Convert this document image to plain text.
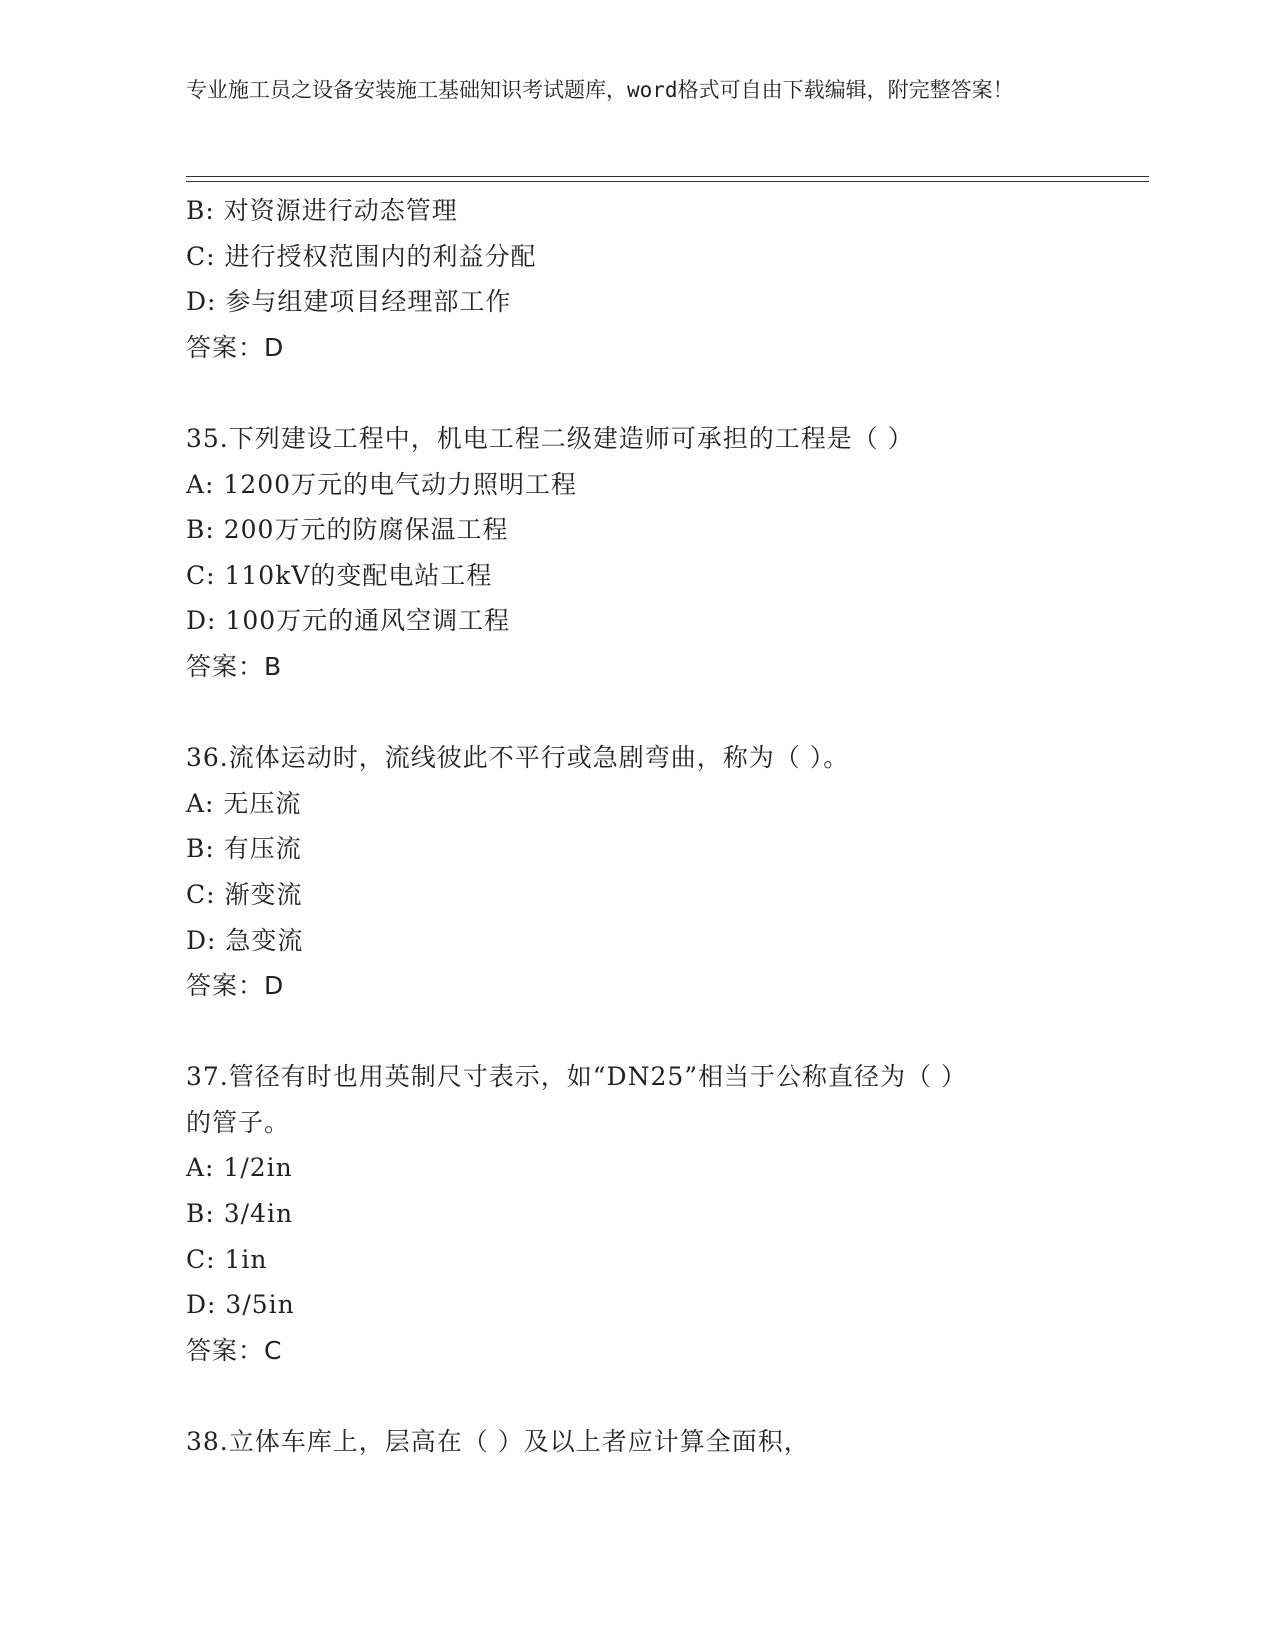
专业施工员之设备安装施工基础知识考试题库，word格式可自由下载编辑，附完整答案！
B: 对资源进行动态管理
C: 进行授权范围内的利益分配
D: 参与组建项目经理部工作
答案：D
35.下列建设工程中，机电工程二级建造师可承担的工程是（ ）
A: 1200万元的电气动力照明工程
B: 200万元的防腐保温工程
C: 110kV的变配电站工程
D: 100万元的通风空调工程
答案：B
36.流体运动时，流线彼此不平行或急剧弯曲，称为（ ）。
A: 无压流
B: 有压流
C: 渐变流
D: 急变流
答案：D
37.管径有时也用英制尺寸表示，如“DN25”相当于公称直径为（ ）
的管子。
A: 1/2in
B: 3/4in
C: 1in
D: 3/5in
答案：C
38.立体车库上，层高在（ ）及以上者应计算全面积，
